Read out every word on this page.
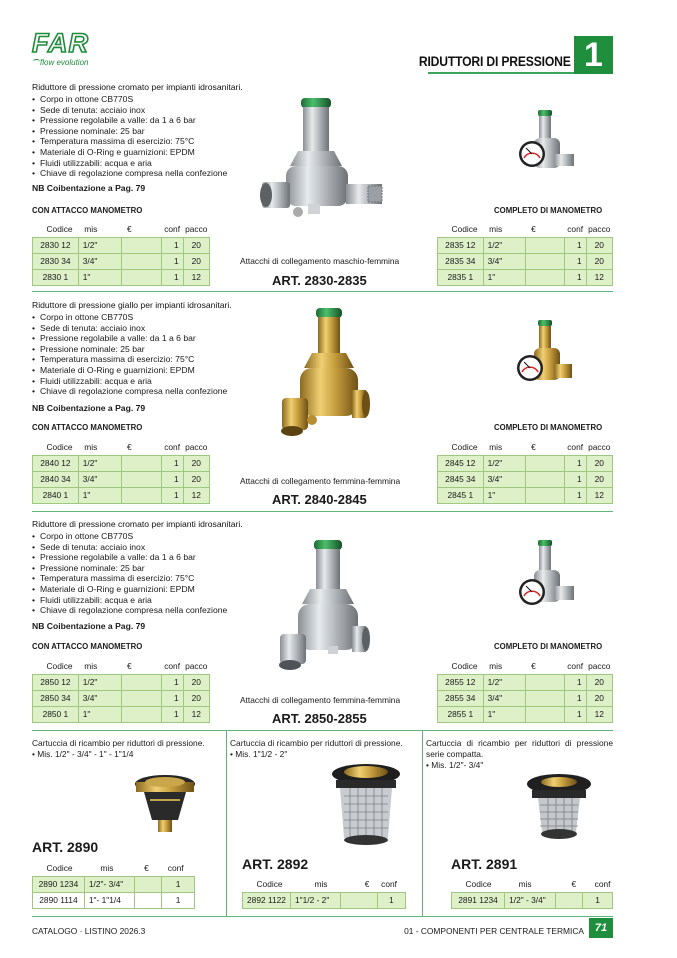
FAR
flow evolution	RIDUTTORI DI PRESSIONE 1
Riduttore di pressione cromato per impianti idrosanitari.
• Corpo in ottone CB770S
• Sede di tenuta: acciaio inox
• Pressione regolabile a valle: da 1 a 6 bar
• Pressione nominale: 25 bar
• Temperatura massima di esercizio: 75°C
• Materiale di O-Ring e guarnizioni: EPDM
• Fluidi utilizzabili: acqua e aria
• Chiave di regolazione compresa nella confezione
NB Coibentazione a Pag. 79
CON ATTACCO MANOMETRO	COMPLETO DI MANOMETRO
Codice	mis	€	conf	pacco
2830 12	1/2"		1	20
2830 34	3/4"		1	20
2830 1	1"		1	12
Codice	mis	€	conf	pacco
2835 12	1/2"		1	20
2835 34	3/4"		1	20
2835 1	1"		1	12
Attacchi di collegamento maschio-femmina
ART. 2830-2835
Riduttore di pressione giallo per impianti idrosanitari.
• Corpo in ottone CB770S
• Sede di tenuta: acciaio inox
• Pressione regolabile a valle: da 1 a 6 bar
• Pressione nominale: 25 bar
• Temperatura massima di esercizio: 75°C
• Materiale di O-Ring e guarnizioni: EPDM
• Fluidi utilizzabili: acqua e aria
• Chiave di regolazione compresa nella confezione
NB Coibentazione a Pag. 79
CON ATTACCO MANOMETRO	COMPLETO DI MANOMETRO
Codice	mis	€	conf	pacco
2840 12	1/2"		1	20
2840 34	3/4"		1	20
2840 1	1"		1	12
Codice	mis	€	conf	pacco
2845 12	1/2"		1	20
2845 34	3/4"		1	20
2845 1	1"		1	12
Attacchi di collegamento femmina-femmina
ART. 2840-2845
Riduttore di pressione cromato per impianti idrosanitari.
• Corpo in ottone CB770S
• Sede di tenuta: acciaio inox
• Pressione regolabile a valle: da 1 a 6 bar
• Pressione nominale: 25 bar
• Temperatura massima di esercizio: 75°C
• Materiale di O-Ring e guarnizioni: EPDM
• Fluidi utilizzabili: acqua e aria
• Chiave di regolazione compresa nella confezione
NB Coibentazione a Pag. 79
CON ATTACCO MANOMETRO	COMPLETO DI MANOMETRO
Codice	mis	€	conf	pacco
2850 12	1/2"		1	20
2850 34	3/4"		1	20
2850 1	1"		1	12
Codice	mis	€	conf	pacco
2855 12	1/2"		1	20
2855 34	3/4"		1	20
2855 1	1"		1	12
Attacchi di collegamento femmina-femmina
ART. 2850-2855
Cartuccia di ricambio per riduttori di pressione.
• Mis. 1/2" - 3/4" - 1" - 1"1/4
ART. 2890
Codice	mis	€	conf
2890 1234	1/2"- 3/4"		1
2890 1114	1"- 1"1/4		1
Cartuccia di ricambio per riduttori di pressione.
• Mis. 1"1/2 - 2"
ART. 2892
Codice	mis	€	conf
2892 1122	1"1/2 - 2"		1
Cartuccia di ricambio per riduttori di pressione serie compatta.
• Mis. 1/2"- 3/4"
ART. 2891
Codice	mis	€	conf
2891 1234	1/2" - 3/4"		1
CATALOGO · LISTINO 2026.3	01 - COMPONENTI PER CENTRALE TERMICA 71
